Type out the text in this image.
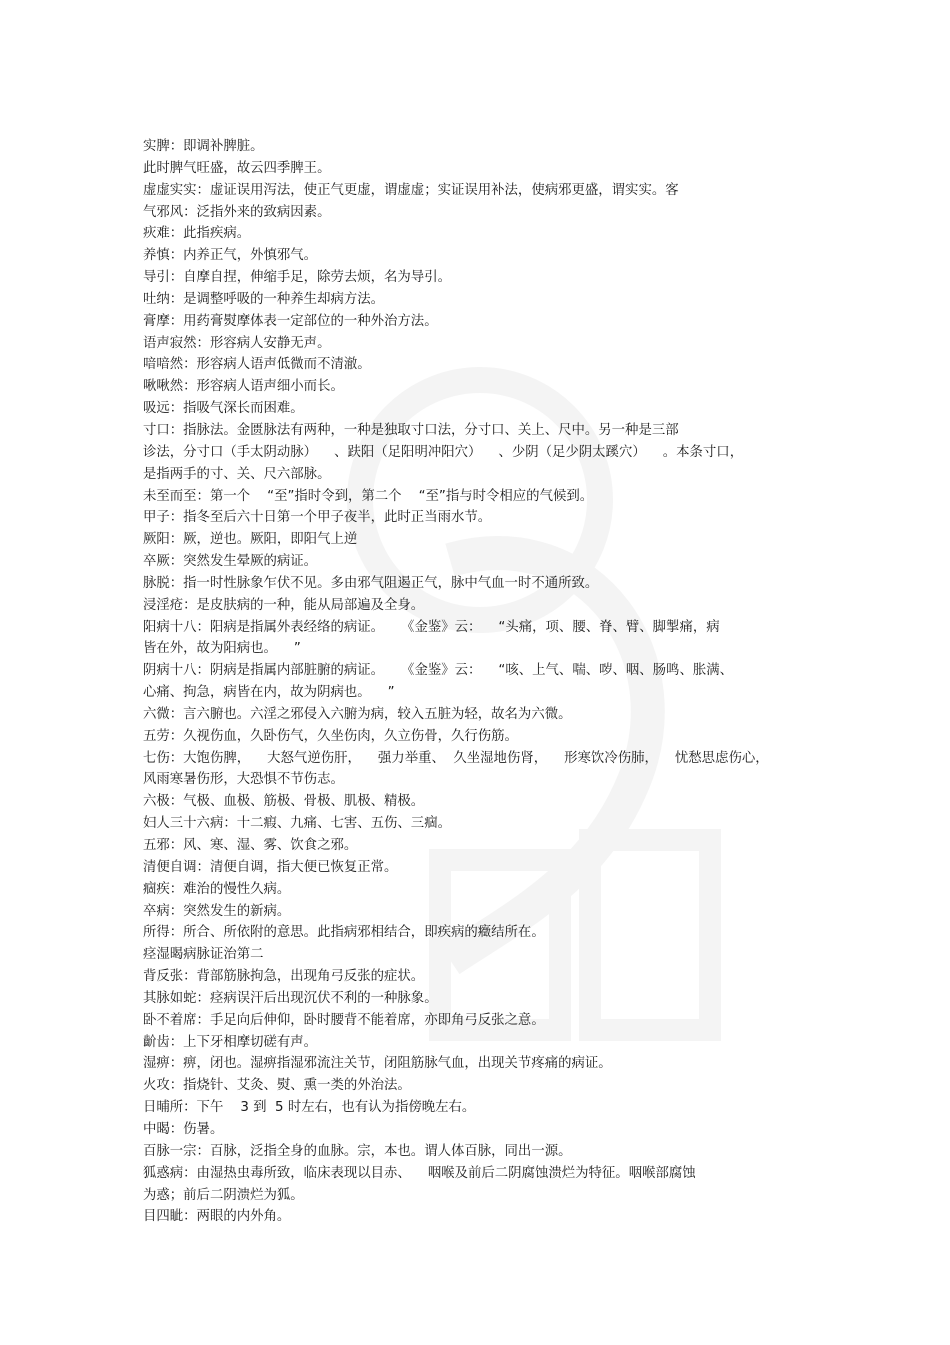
实脾：即调补脾脏。
此时脾气旺盛，故云四季脾王。
虚虚实实：虚证误用泻法，使正气更虚，谓虚虚；实证误用补法，使病邪更盛，谓实实。客
气邪风：泛指外来的致病因素。
疢难：此指疾病。
养慎：内养正气，外慎邪气。
导引：自摩自捏，伸缩手足，除劳去烦，名为导引。
吐纳：是调整呼吸的一种养生却病方法。
膏摩：用药膏熨摩体表一定部位的一种外治方法。
语声寂然：形容病人安静无声。
喑喑然：形容病人语声低微而不清澈。
啾啾然：形容病人语声细小而长。
吸远：指吸气深长而困难。
寸口：指脉法。金匮脉法有两种，一种是独取寸口法，分寸口、关上、尺中。另一种是三部
诊法，分寸口（手太阴动脉）    、趺阳（足阳明冲阳穴）    、少阴（足少阴太蹊穴）    。本条寸口，
是指两手的寸、关、尺六部脉。
未至而至：第一个    “至”指时令到，第二个    “至”指与时令相应的气候到。
甲子：指冬至后六十日第一个甲子夜半，此时正当雨水节。
厥阳：厥，逆也。厥阳，即阳气上逆
卒厥：突然发生晕厥的病证。
脉脱：指一时性脉象乍伏不见。多由邪气阻遏正气，脉中气血一时不通所致。
浸淫疮：是皮肤病的一种，能从局部遍及全身。
阳病十八：阳病是指属外表经络的病证。    《金鉴》云：    “头痛，项、腰、脊、臂、脚掣痛，病
皆在外，故为阳病也。    ”
阴病十八：阴病是指属内部脏腑的病证。    《金鉴》云：    “咳、上气、喘、哕、咽、肠鸣、胀满、
心痛、拘急，病皆在内，故为阴病也。    ”
六微：言六腑也。六淫之邪侵入六腑为病，较入五脏为轻，故名为六微。
五劳：久视伤血，久卧伤气，久坐伤肉，久立伤骨，久行伤筋。
七伤：大饱伤脾，    大怒气逆伤肝，    强力举重、  久坐湿地伤肾，    形寒饮冷伤肺，    忧愁思虑伤心，
风雨寒暑伤形，大恐惧不节伤志。
六极：气极、血极、筋极、骨极、肌极、精极。
妇人三十六病：十二瘕、九痛、七害、五伤、三痼。
五邪：风、寒、湿、雾、饮食之邪。
清便自调：清便自调，指大便已恢复正常。
痼疾：难治的慢性久病。
卒病：突然发生的新病。
所得：所合、所依附的意思。此指病邪相结合，即疾病的癥结所在。
痉湿暍病脉证治第二
背反张：背部筋脉拘急，出现角弓反张的症状。
其脉如蛇：痉病误汗后出现沉伏不利的一种脉象。
卧不着席：手足向后伸仰，卧时腰背不能着席，亦即角弓反张之意。
齘齿：上下牙相摩切磋有声。
湿痹：痹，闭也。湿痹指湿邪流注关节，闭阻筋脉气血，出现关节疼痛的病证。
火攻：指烧针、艾灸、熨、熏一类的外治法。
日晡所：下午    3 到  5 时左右，也有认为指傍晚左右。
中暍：伤暑。
百脉一宗：百脉，泛指全身的血脉。宗，本也。谓人体百脉，同出一源。
狐惑病：由湿热虫毒所致，临床表现以目赤、    咽喉及前后二阴腐蚀溃烂为特征。咽喉部腐蚀
为惑；前后二阴溃烂为狐。
目四眦：两眼的内外角。
